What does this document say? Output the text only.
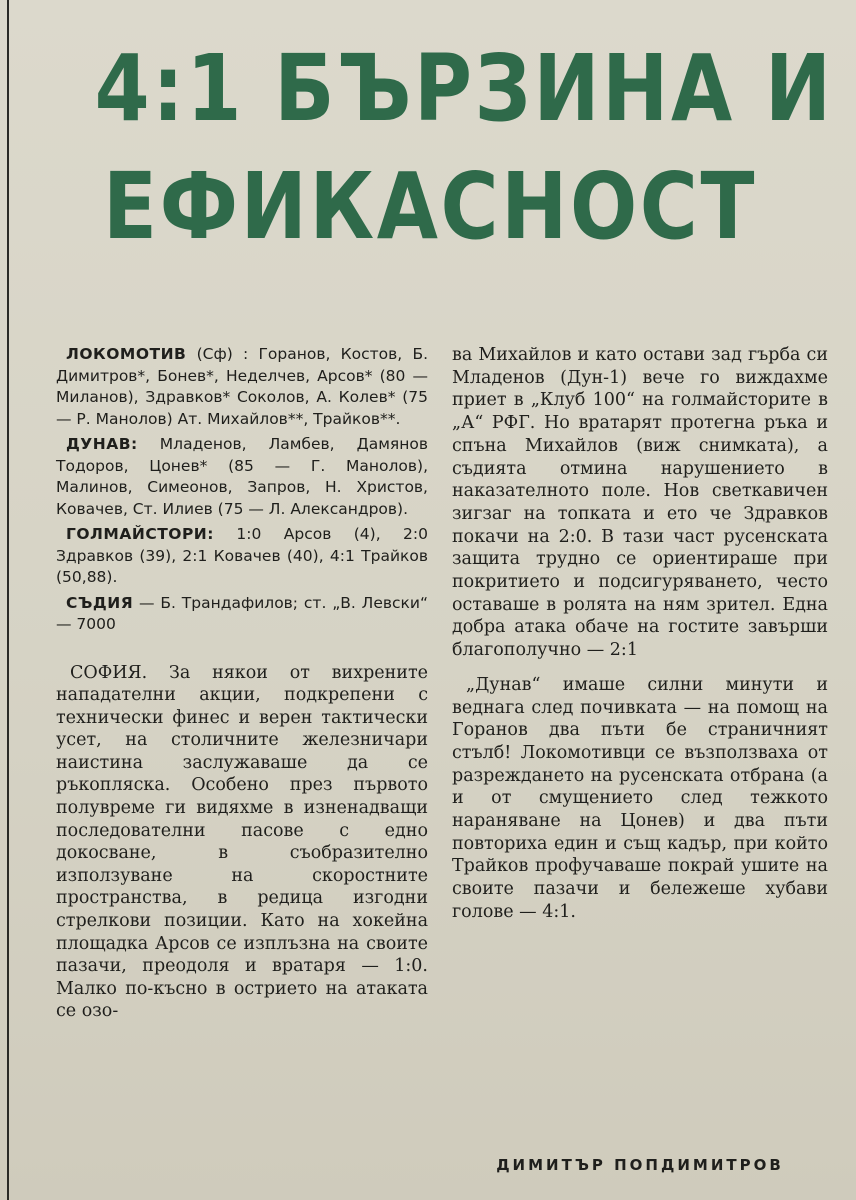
4:1 БЪРЗИНА И
ЕФИКАСНОСТ

ЛОКОМОТИВ (Сф) : Горанов, Костов, Б. Димитров*, Бонев*, Неделчев, Арсов* (80 — Миланов), Здравков* Соколов, А. Колев* (75 — Р. Манолов) Ат. Михайлов**, Трайков**.

ДУНАВ: Младенов, Ламбев, Дамянов Тодоров, Цонев* (85 — Г. Манолов), Малинов, Симеонов, Запров, Н. Христов, Ковачев, Ст. Илиев (75 — Л. Александров).

ГОЛМАЙСТОРИ: 1:0 Арсов (4), 2:0 Здравков (39), 2:1 Ковачев (40), 4:1 Трайков (50,88).

СЪДИЯ — Б. Трандафилов; ст. „В. Левски“ — 7000

СОФИЯ. За някои от вихрените нападателни акции, подкрепени с технически финес и верен тактически усет, на столичните железничари наистина заслужаваше да се ръкопляска. Особено през първото полувреме ги видяхме в изненадващи последователни пасове с едно докосване, в съобразително използуване на скоростните пространства, в редица изгодни стрелкови позиции. Като на хокейна площадка Арсов се изплъзна на своите пазачи, преодоля и вратаря — 1:0. Малко по-късно в острието на атаката се озо-

ва Михайлов и като остави зад гърба си Младенов (Дун-1) вече го виждахме приет в „Клуб 100“ на голмайсторите в „А“ РФГ. Но вратарят протегна ръка и спъна Михайлов (виж снимката), а съдията отмина нарушението в наказателното поле. Нов светкавичен зигзаг на топката и ето че Здравков покачи на 2:0. В тази част русенската защита трудно се ориентираше при покритието и подсигуряването, често оставаше в ролята на ням зрител. Една добра атака обаче на гостите завърши благополучно — 2:1

„Дунав“ имаше силни минути и веднага след почивката — на помощ на Горанов два пъти бе страничният стълб! Локомотивци се възползваха от разреждането на русенската отбрана (а и от смущението след тежкото нараняване на Цонев) и два пъти повториха един и същ кадър, при който Трайков профучаваше покрай ушите на своите пазачи и бележеше хубави голове — 4:1.

ДИМИТЪР ПОПДИМИТРОВ
